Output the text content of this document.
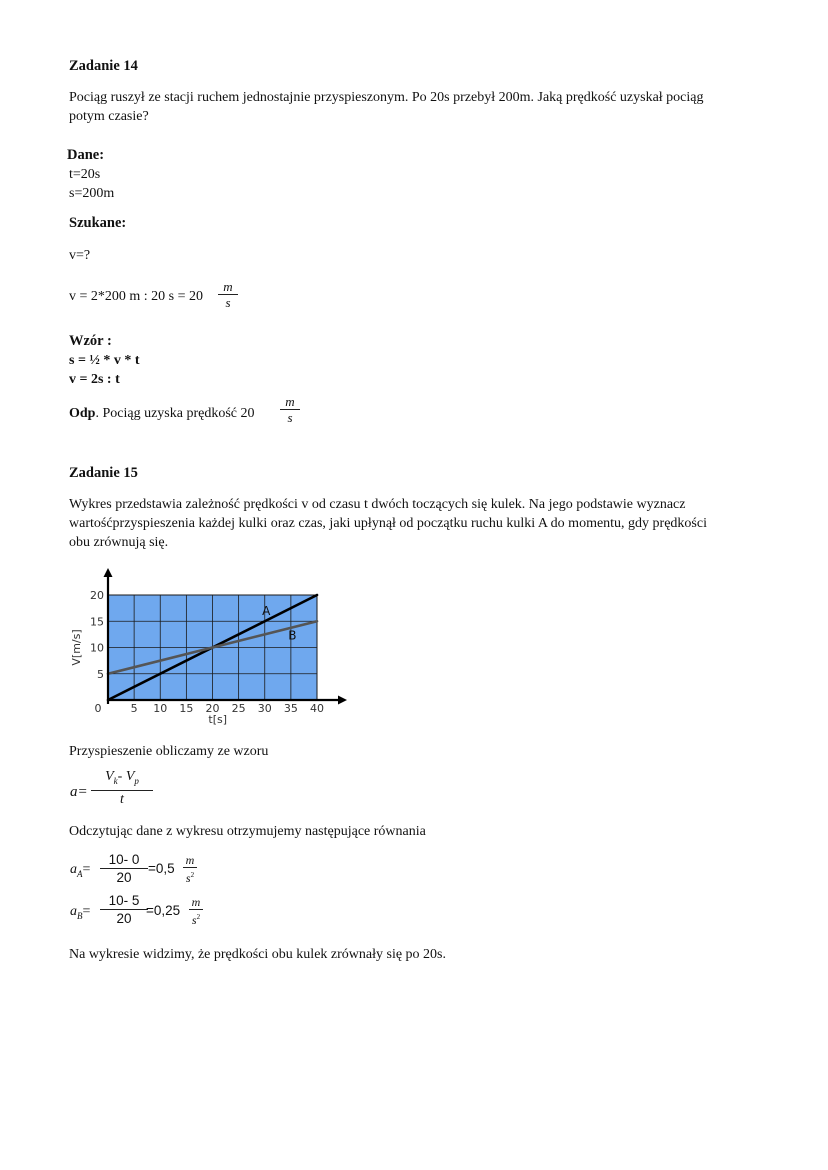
Zadanie 14
Pociąg ruszył ze stacji ruchem jednostajnie przyspieszonym. Po 20s przebył 200m. Jaką prędkość uzyskał pociąg
potym czasie?
Dane:
t=20s
s=200m
Szukane:
v=?
v = 2*200 m : 20 s = 20
m
s
Wzór :
s = ½ * v * t
v = 2s : t
Odp. Pociąg uzyska prędkość 20
m
s
Zadanie 15
Wykres przedstawia zależność prędkości v od czasu t dwóch toczących się kulek. Na jego podstawie wyznacz
wartośćprzyspieszenia każdej kulki oraz czas, jaki upłynął od początku ruchu kulki A do momentu, gdy prędkości
obu zrównują się.
A
B
0	5 10 15 20 25 30 35 40
5
10
15
20
t[s]
V[m/s]
Przyspieszenie obliczamy ze wzoru
a=
$V_k-$ $V_p$
t
Odczytując dane z wykresu otrzymujemy następujące równania
$a_A=$
10- 0
20
=0,5
m
$s^2$
$a_B=$
10- 5
20
=0,25
m
$s^2$
Na wykresie widzimy, że prędkości obu kulek zrównały się po 20s.
